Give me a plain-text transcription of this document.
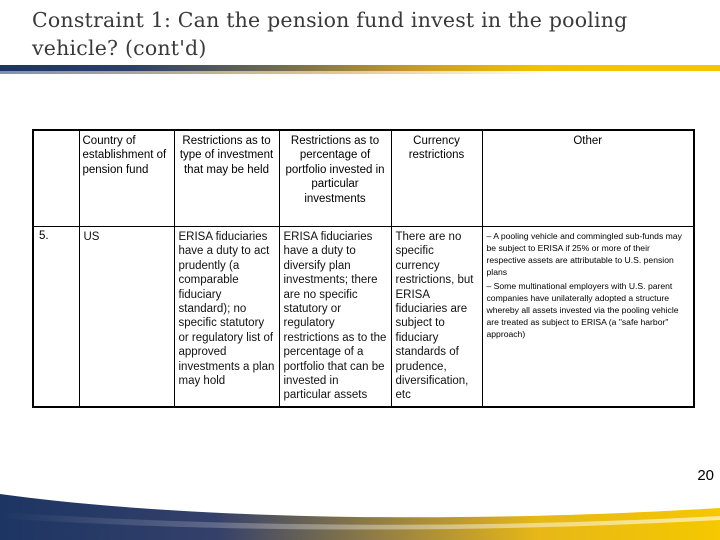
Constraint 1: Can the pension fund invest in the pooling vehicle? (cont'd)
	Country of establishment of pension fund	Restrictions as to type of investment that may be held	Restrictions as to percentage of portfolio invested in particular investments	Currency restrictions	Other
5.	US	ERISA fiduciaries have a duty to act prudently (a comparable fiduciary standard); no specific statutory or regulatory list of approved investments a plan may hold	ERISA fiduciaries have a duty to diversify plan investments; there are no specific statutory or regulatory restrictions as to the percentage of a portfolio that can be invested in particular assets	There are no specific currency restrictions, but ERISA fiduciaries are subject to fiduciary standards of prudence, diversification, etc	– A pooling vehicle and commingled sub-funds may be subject to ERISA if 25% or more of their respective assets are attributable to U.S. pension plans
– Some multinational employers with U.S. parent companies have unilaterally adopted a structure whereby all assets invested via the pooling vehicle are treated as subject to ERISA (a "safe harbor" approach)
20
